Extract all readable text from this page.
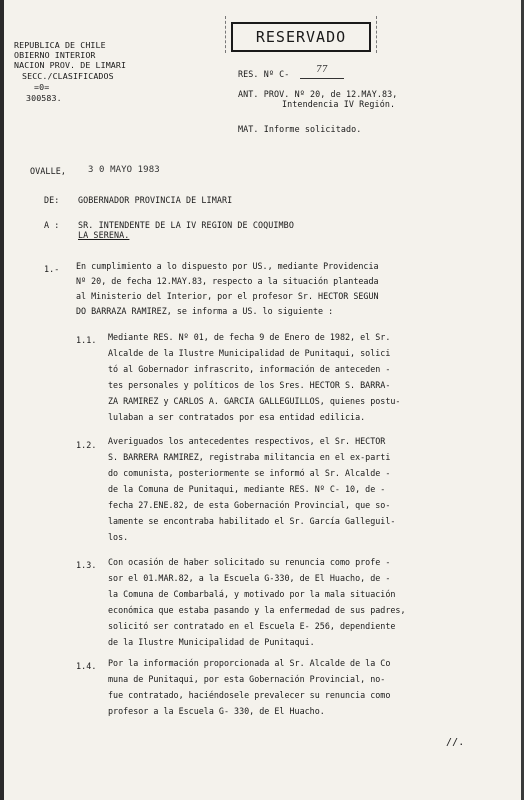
REPUBLICA DE CHILE
OBIERNO INTERIOR
NACION PROV. DE LIMARI
SECC./CLASIFICADOS
=0=
300583.
RESERVADO
RES. Nº C-	77
ANT. PROV. Nº 20, de 12.MAY.83,
Intendencia IV Región.
MAT. Informe solicitado.
OVALLE, 3 0 MAYO 1983
DE: GOBERNADOR PROVINCIA DE LIMARI
A : SR. INTENDENTE DE LA IV REGION DE COQUIMBO
LA SERENA.
1.- En cumplimiento a lo dispuesto por US., mediante Providencia
Nº 20, de fecha 12.MAY.83, respecto a la situación planteada
al Ministerio del Interior, por el profesor Sr. HECTOR SEGUN
DO BARRAZA RAMIREZ, se informa a US. lo siguiente :
1.1. Mediante RES. Nº 01, de fecha 9 de Enero de 1982, el Sr.
Alcalde de la Ilustre Municipalidad de Punitaqui, solici
tó al Gobernador infrascrito, información de anteceden -
tes personales y políticos de los Sres. HECTOR S. BARRA-
ZA RAMIREZ y CARLOS A. GARCIA GALLEGUILLOS, quienes postu-
lulaban a ser contratados por esa entidad edilicia.
1.2. Averiguados los antecedentes respectivos, el Sr. HECTOR
S. BARRERA RAMIREZ, registraba militancia en el ex-parti
do comunista, posteriormente se informó al Sr. Alcalde -
de la Comuna de Punitaqui, mediante RES. Nº C- 10, de -
fecha 27.ENE.82, de esta Gobernación Provincial, que so-
lamente se encontraba habilitado el Sr. García Galleguil-
los.
1.3. Con ocasión de haber solicitado su renuncia como profe -
sor el 01.MAR.82, a la Escuela G-330, de El Huacho, de -
la Comuna de Combarbalá, y motivado por la mala situación
económica que estaba pasando y la enfermedad de sus padres,
solicitó ser contratado en el Escuela E- 256, dependiente
de la Ilustre Municipalidad de Punitaqui.
1.4. Por la información proporcionada al Sr. Alcalde de la Co
muna de Punitaqui, por esta Gobernación Provincial, no-
fue contratado, haciéndosele prevalecer su renuncia como
profesor a la Escuela G- 330, de El Huacho.
//.
